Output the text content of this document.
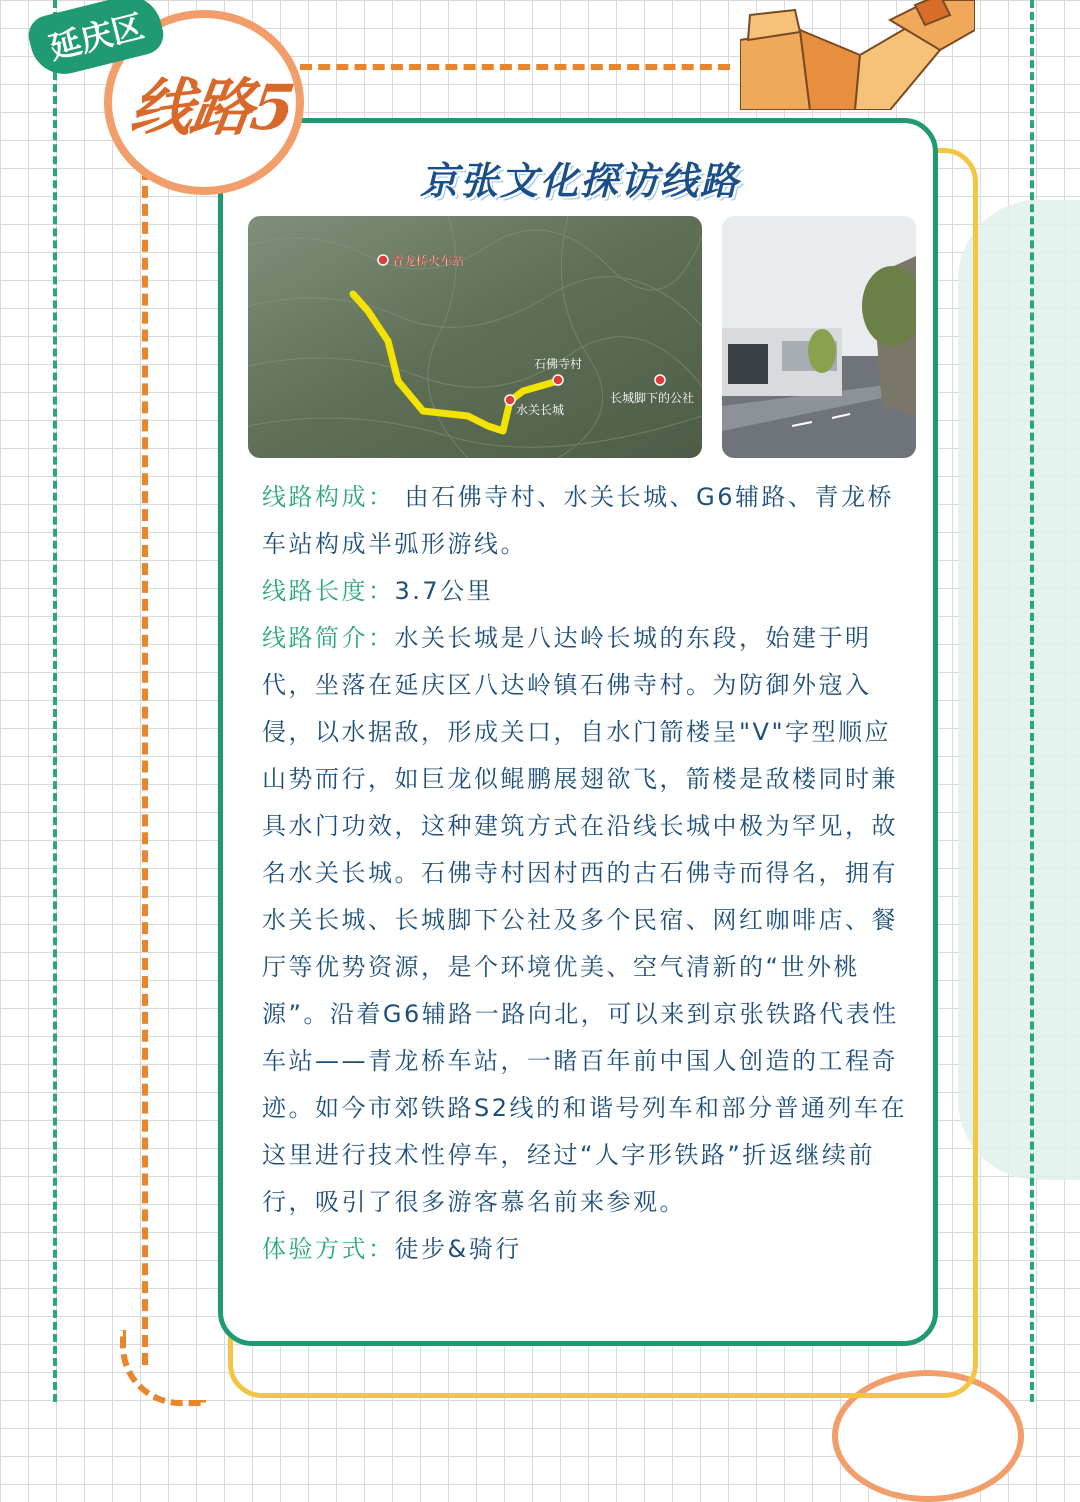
延庆区
线路5
京张文化探访线路
青龙桥火车站
石佛寺村
水关长城
长城脚下的公社

线路构成： 由石佛寺村、水关长城、G6辅路、青龙桥车站构成半弧形游线。

线路长度：3.7公里

线路简介：水关长城是八达岭长城的东段，始建于明代，坐落在延庆区八达岭镇石佛寺村。为防御外寇入侵，以水据敌，形成关口，自水门箭楼呈"V"字型顺应山势而行，如巨龙似鲲鹏展翅欲飞，箭楼是敌楼同时兼具水门功效，这种建筑方式在沿线长城中极为罕见，故名水关长城。石佛寺村因村西的古石佛寺而得名，拥有水关长城、长城脚下公社及多个民宿、网红咖啡店、餐厅等优势资源，是个环境优美、空气清新的“世外桃源”。沿着G6辅路一路向北，可以来到京张铁路代表性车站——青龙桥车站，一睹百年前中国人创造的工程奇迹。如今市郊铁路S2线的和谐号列车和部分普通列车在这里进行技术性停车，经过“人字形铁路”折返继续前行，吸引了很多游客慕名前来参观。

体验方式：徒步&骑行
